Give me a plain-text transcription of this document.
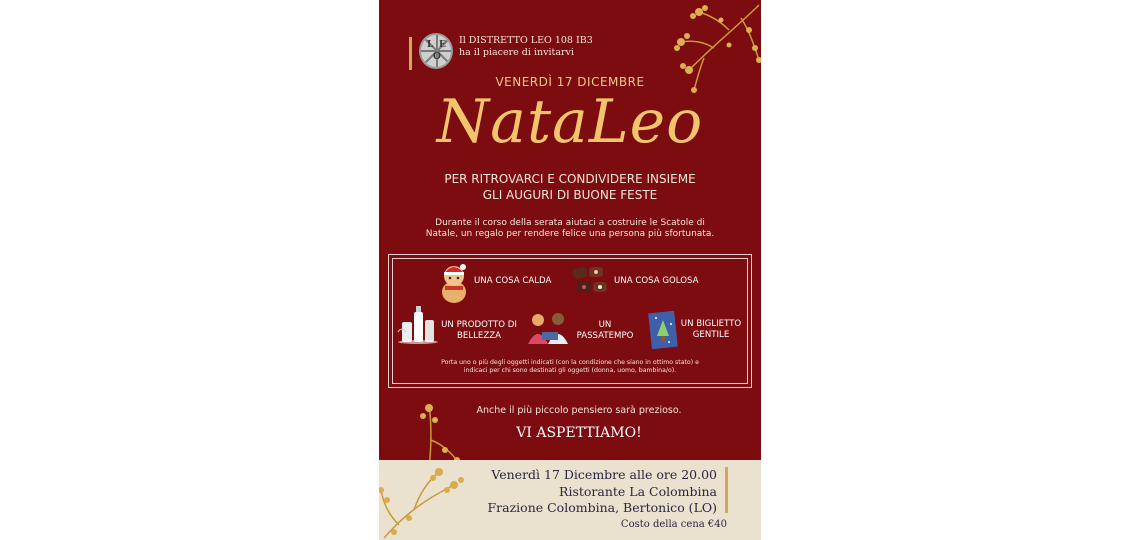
L E
O
Il DISTRETTO LEO 108 IB3
ha il piacere di invitarvi
VENERDÌ 17 DICEMBRE
NataLeo
PER RITROVARCI E CONDIVIDERE INSIEME
GLI AUGURI DI BUONE FESTE
Durante il corso della serata aiutaci a costruire le Scatole di
Natale, un regalo per rendere felice una persona più sfortunata.
UNA COSA CALDA	UNA COSA GOLOSA
UN PRODOTTO DI
BELLEZZA
UN
PASSATEMPO
UN BIGLIETTO
GENTILE
Porta uno o più degli oggetti indicati (con la condizione che siano in ottimo stato) e
indicaci per chi sono destinati gli oggetti (donna, uomo, bambina/o).
Anche il più piccolo pensiero sarà prezioso.
VI ASPETTIAMO!
Venerdì 17 Dicembre alle ore 20.00
Ristorante La Colombina
Frazione Colombina, Bertonico (LO)
Costo della cena €40
